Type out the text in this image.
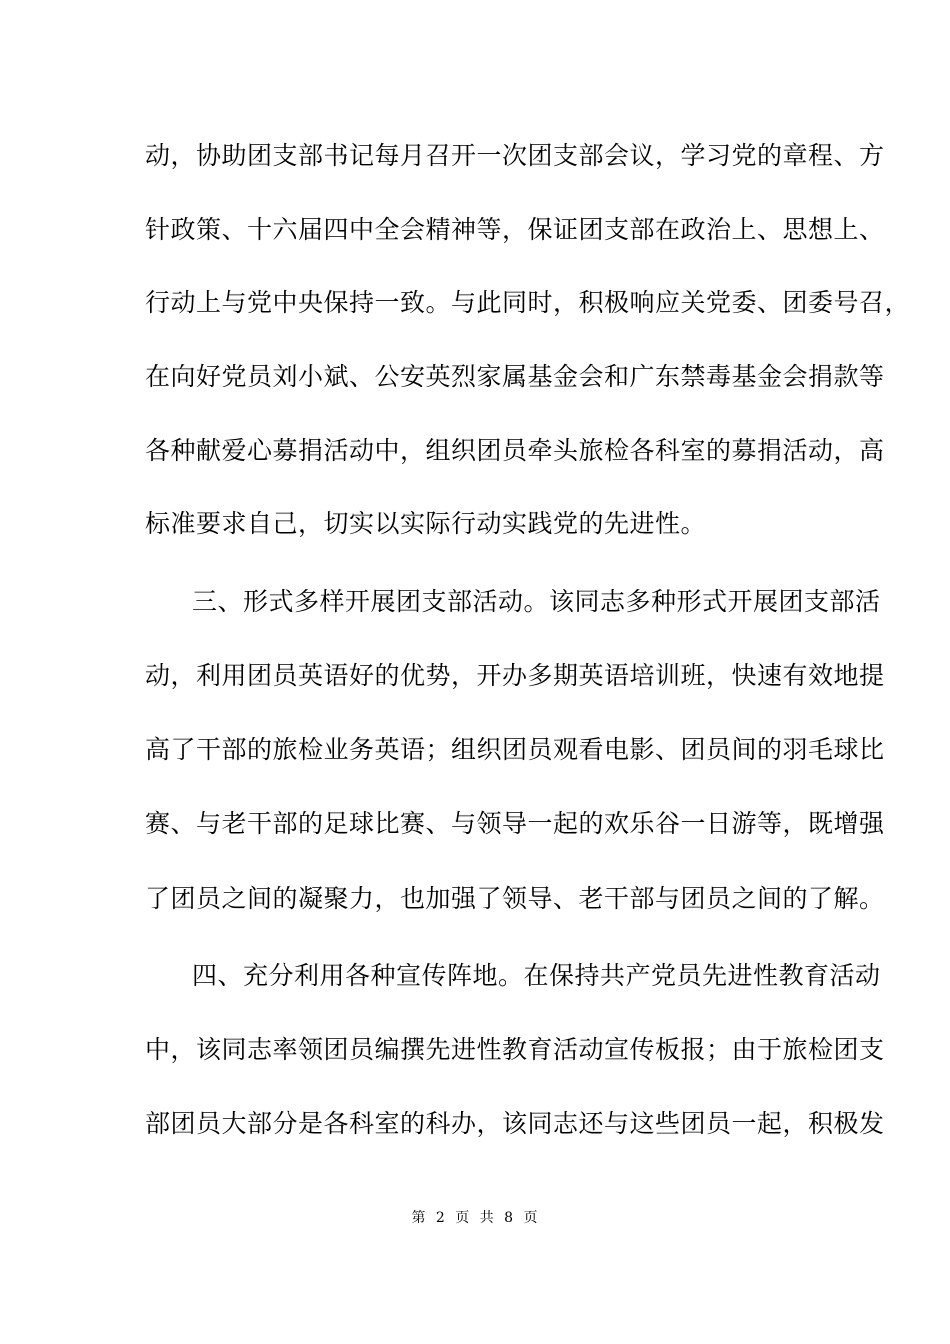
动，协助团支部书记每月召开一次团支部会议，学习党的章程、方
针政策、十六届四中全会精神等，保证团支部在政治上、思想上、
行动上与党中央保持一致。与此同时，积极响应关党委、团委号召，
在向好党员刘小斌、公安英烈家属基金会和广东禁毒基金会捐款等
各种献爱心募捐活动中，组织团员牵头旅检各科室的募捐活动，高
标准要求自己，切实以实际行动实践党的先进性。
三、形式多样开展团支部活动。该同志多种形式开展团支部活
动，利用团员英语好的优势，开办多期英语培训班，快速有效地提
高了干部的旅检业务英语；组织团员观看电影、团员间的羽毛球比
赛、与老干部的足球比赛、与领导一起的欢乐谷一日游等，既增强
了团员之间的凝聚力，也加强了领导、老干部与团员之间的了解。
四、充分利用各种宣传阵地。在保持共产党员先进性教育活动
中，该同志率领团员编撰先进性教育活动宣传板报；由于旅检团支
部团员大部分是各科室的科办，该同志还与这些团员一起，积极发
第 2 页 共 8 页
